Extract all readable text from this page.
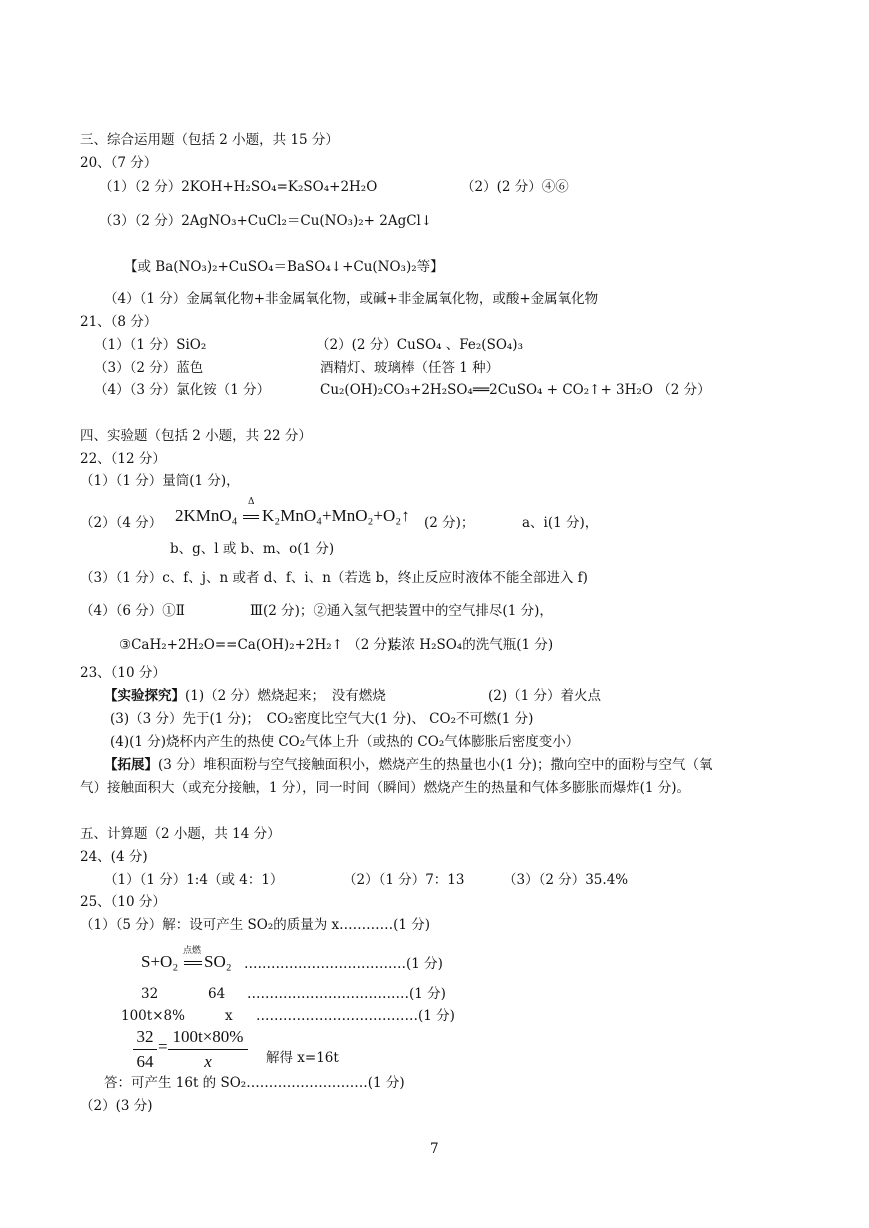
三、综合运用题（包括 2 小题，共 15 分）
20、（7 分）
（1）（2 分）2KOH+H₂SO₄=K₂SO₄+2H₂O	（2）(2 分）④⑥
（3）（2 分）2AgNO₃+CuCl₂＝Cu(NO₃)₂+ 2AgCl↓
【或 Ba(NO₃)₂+CuSO₄＝BaSO₄↓+Cu(NO₃)₂等】
（4）（1 分）金属氧化物+非金属氧化物，或碱+非金属氧化物，或酸+金属氧化物
21、（8 分）
（1）（1 分）SiO₂	（2）(2 分）CuSO₄ 、Fe₂(SO₄)₃
（3）（2 分）蓝色	酒精灯、玻璃棒（任答 1 种）
（4）（3 分）氯化铵（1 分）	Cu₂(OH)₂CO₃+2H₂SO₄══2CuSO₄ + CO₂↑+ 3H₂O （2 分）
四、实验题（包括 2 小题，共 22 分）
22、（12 分）
（1）（1 分）量筒(1 分)，
（2）（4 分） 2KMnO₄
Δ
K₂MnO₄+MnO₂+O₂↑ (2 分)；	a、i(1 分)，
b、g、l 或 b、m、o(1 分)
（3）（1 分）c、f、j、n 或者 d、f、i、n（若选 b，终止反应时液体不能全部进入 f)
（4）（6 分）①Ⅱ	Ⅲ(2 分)；②通入氢气把装置中的空气排尽(1 分)，
③CaH₂+2H₂O==Ca(OH)₂+2H₂↑ （2 分)；
装浓 H₂SO₄的洗气瓶(1 分)
23、（10 分）
【实验探究】(1)（2 分）燃烧起来；　没有燃烧	(2)（1 分）着火点
(3)（3 分）先于(1 分)；　CO₂密度比空气大(1 分)、 CO₂不可燃(1 分)
(4)(1 分)烧杯内产生的热使 CO₂气体上升（或热的 CO₂气体膨胀后密度变小）
【拓展】(3 分）堆积面粉与空气接触面积小，燃烧产生的热量也小(1 分)；撒向空中的面粉与空气（氧
气）接触面积大（或充分接触，1 分），同一时间（瞬间）燃烧产生的热量和气体多膨胀而爆炸(1 分)。
五、计算题（2 小题，共 14 分）
24、(4 分)
（1）（1 分）1:4（或 4：1）	（2）（1 分）7：13	（3）（2 分）35.4%
25、（10 分）
（1）（5 分）解：设可产生 SO₂的质量为 x…………(1 分)
S+O₂
点燃
SO₂ ………………………………(1 分)
32	64 ………………………………(1 分)
100t×8%	x ………………………………(1 分)
32
64
=
100t×80%
x	解得 x=16t
答：可产生 16t 的 SO₂………………………(1 分)
（2）(3 分)
7
